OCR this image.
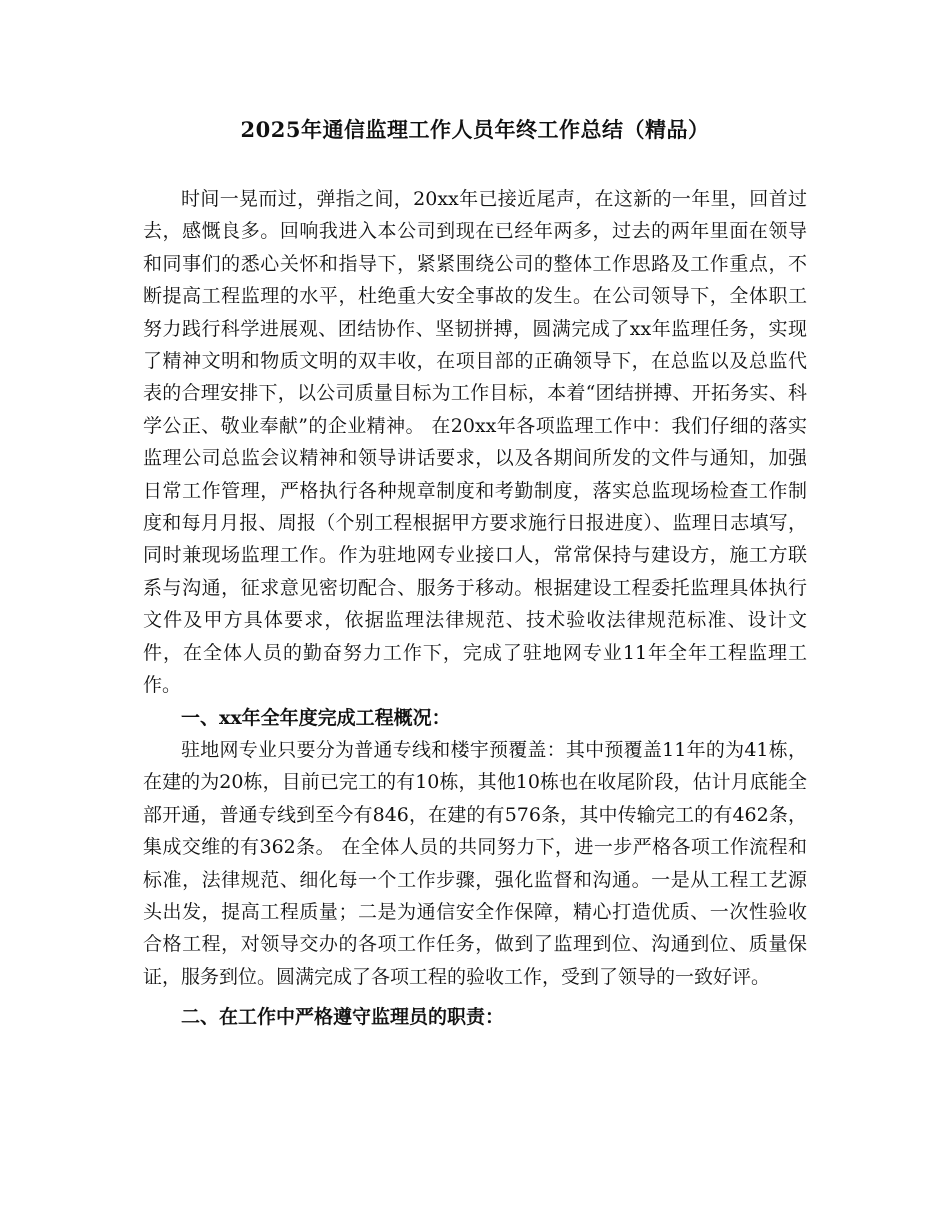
2025年通信监理工作人员年终工作总结（精品）

时间一晃而过，弹指之间，20xx年已接近尾声，在这新的一年里，回首过去，感慨良多。回响我进入本公司到现在已经年两多，过去的两年里面在领导和同事们的悉心关怀和指导下，紧紧围绕公司的整体工作思路及工作重点，不断提高工程监理的水平，杜绝重大安全事故的发生。在公司领导下，全体职工努力践行科学进展观、团结协作、坚韧拼搏，圆满完成了xx年监理任务，实现了精神文明和物质文明的双丰收，在项目部的正确领导下，在总监以及总监代表的合理安排下，以公司质量目标为工作目标，本着“团结拼搏、开拓务实、科学公正、敬业奉献”的企业精神。 在20xx年各项监理工作中：我们仔细的落实监理公司总监会议精神和领导讲话要求，以及各期间所发的文件与通知，加强日常工作管理，严格执行各种规章制度和考勤制度，落实总监现场检查工作制度和每月月报、周报（个别工程根据甲方要求施行日报进度）、监理日志填写，同时兼现场监理工作。作为驻地网专业接口人，常常保持与建设方，施工方联系与沟通，征求意见密切配合、服务于移动。根据建设工程委托监理具体执行文件及甲方具体要求，依据监理法律规范、技术验收法律规范标准、设计文件，在全体人员的勤奋努力工作下，完成了驻地网专业11年全年工程监理工作。

一、xx年全年度完成工程概况：

驻地网专业只要分为普通专线和楼宇预覆盖：其中预覆盖11年的为41栋，在建的为20栋，目前已完工的有10栋，其他10栋也在收尾阶段，估计月底能全部开通，普通专线到至今有846，在建的有576条，其中传输完工的有462条，集成交维的有362条。 在全体人员的共同努力下，进一步严格各项工作流程和标准，法律规范、细化每一个工作步骤，强化监督和沟通。一是从工程工艺源头出发，提高工程质量；二是为通信安全作保障，精心打造优质、一次性验收合格工程，对领导交办的各项工作任务，做到了监理到位、沟通到位、质量保证，服务到位。圆满完成了各项工程的验收工作，受到了领导的一致好评。

二、在工作中严格遵守监理员的职责：
